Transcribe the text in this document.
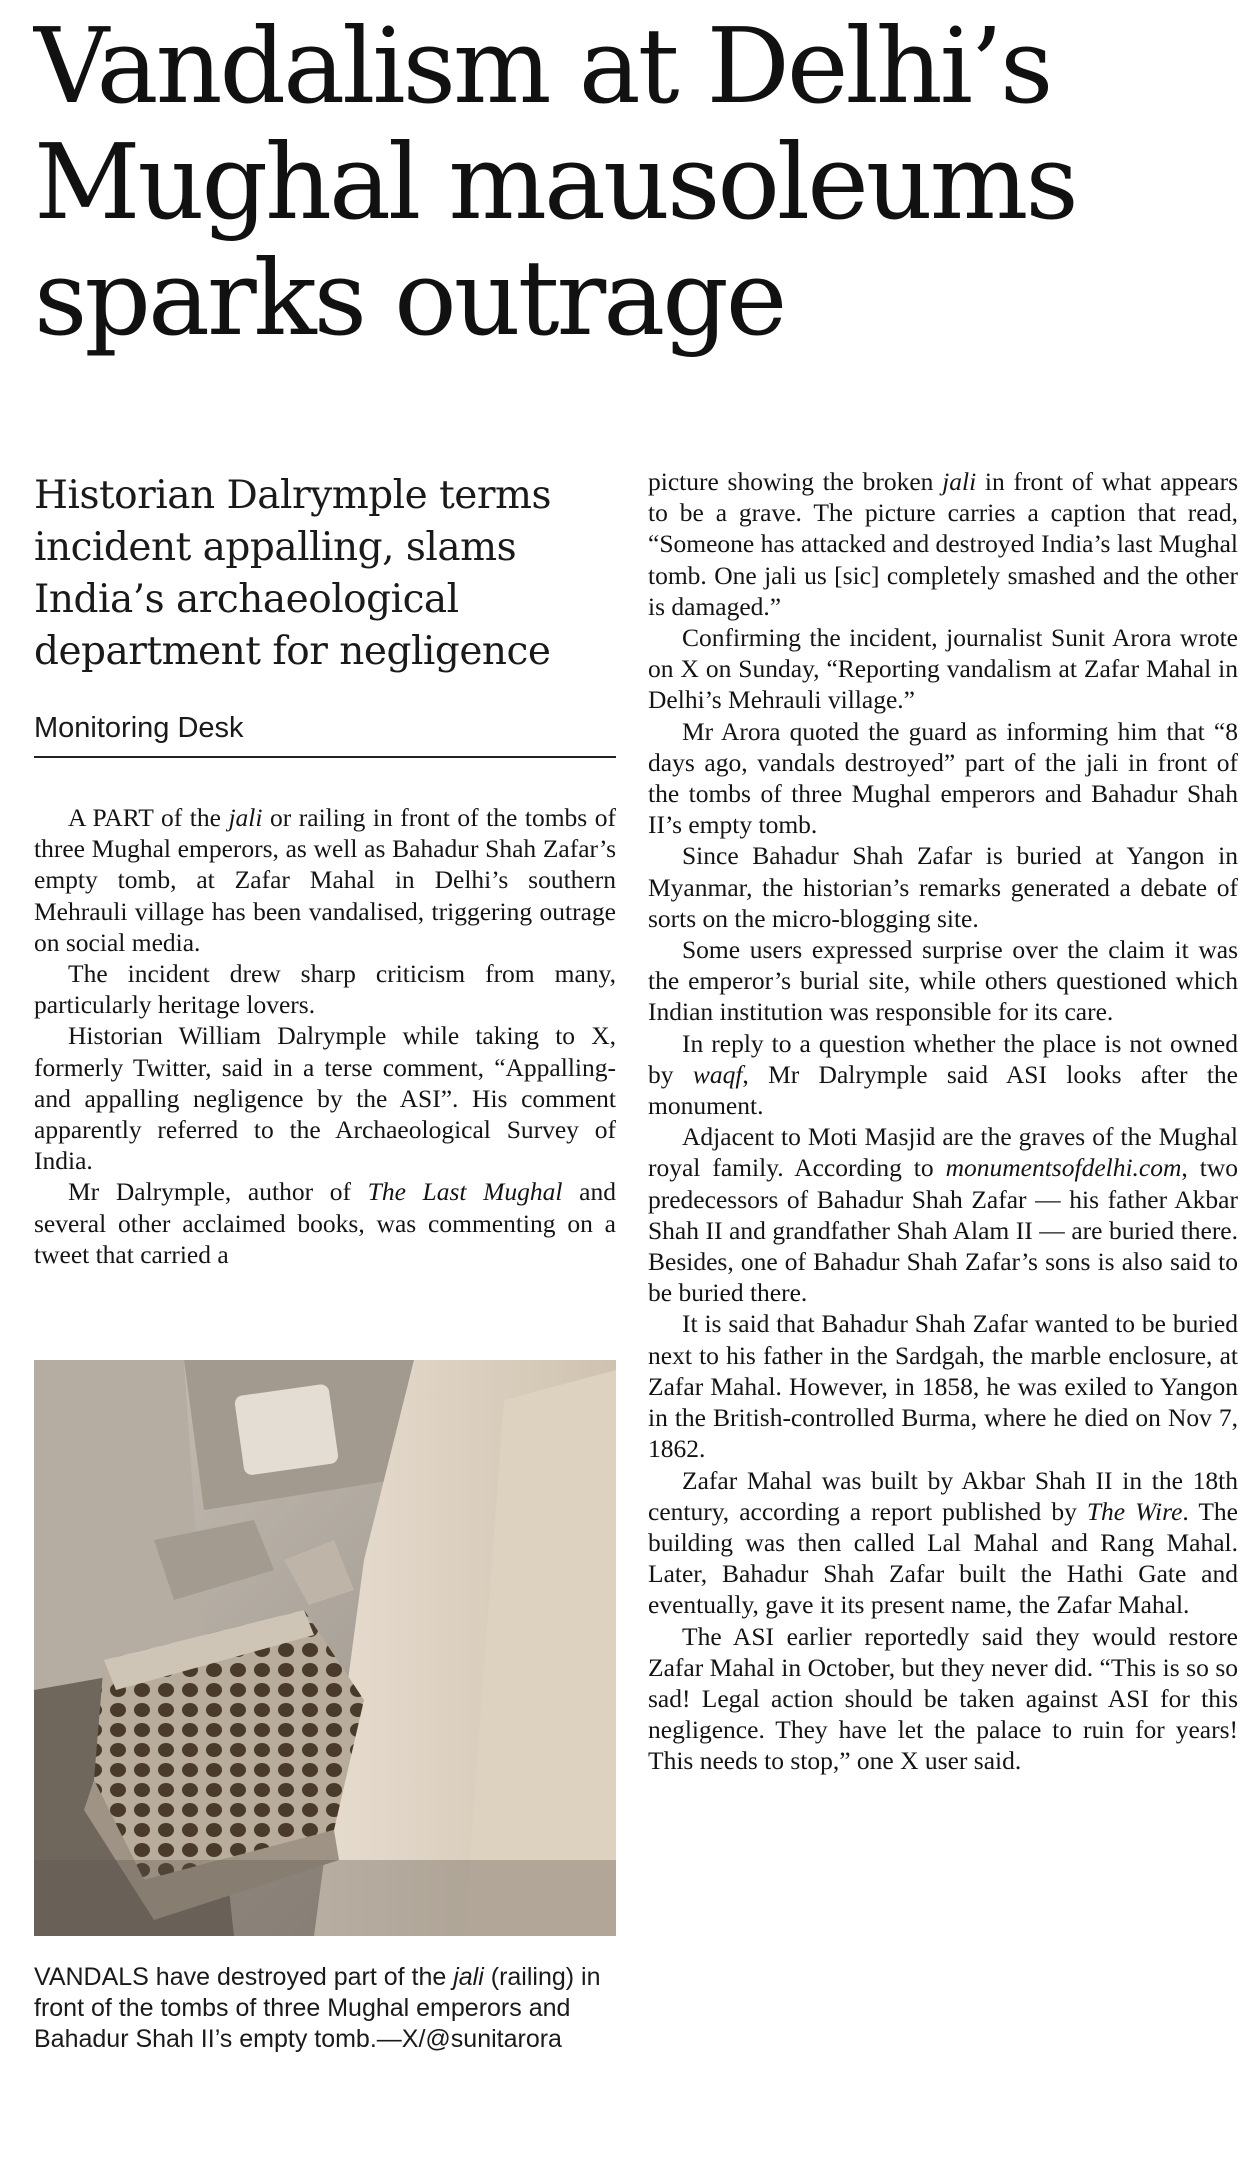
Vandalism at Delhi’s
Mughal mausoleums
sparks outrage
Historian Dalrymple terms
incident appalling, slams
India’s archaeological
department for negligence
Monitoring Desk

A PART of the jali or railing in front of the tombs of three Mughal emperors, as well as Bahadur Shah Zafar’s empty tomb, at Zafar Mahal in Delhi’s southern Mehrauli village has been vandalised, triggering outrage on social media.

The incident drew sharp criticism from many, particularly heritage lovers.

Historian William Dalrymple while taking to X, formerly Twitter, said in a terse comment, “Appalling- and appalling negligence by the ASI”. His comment apparently referred to the Archaeological Survey of India.

Mr Dalrymple, author of The Last Mughal and several other acclaimed books, was commenting on a tweet that carried a

VANDALS have destroyed part of the jali (railing) in front of the tombs of three Mughal emperors and Bahadur Shah II’s empty tomb.—X/@sunitarora

picture showing the broken jali in front of what appears to be a grave. The picture carries a caption that read, “Someone has attacked and destroyed India’s last Mughal tomb. One jali us [sic] completely smashed and the other is damaged.”

Confirming the incident, journalist Sunit Arora wrote on X on Sunday, “Reporting vandalism at Zafar Mahal in Delhi’s Mehrauli village.”

Mr Arora quoted the guard as informing him that “8 days ago, vandals destroyed” part of the jali in front of the tombs of three Mughal emperors and Bahadur Shah II’s empty tomb.

Since Bahadur Shah Zafar is buried at Yangon in Myanmar, the historian’s remarks generated a debate of sorts on the micro-blogging site.

Some users expressed surprise over the claim it was the emperor’s burial site, while others questioned which Indian institution was responsible for its care.

In reply to a question whether the place is not owned by waqf, Mr Dalrymple said ASI looks after the monument.

Adjacent to Moti Masjid are the graves of the Mughal royal family. According to monumentsofdelhi.com, two predecessors of Bahadur Shah Zafar — his father Akbar Shah II and grandfather Shah Alam II — are buried there. Besides, one of Bahadur Shah Zafar’s sons is also said to be buried there.

It is said that Bahadur Shah Zafar wanted to be buried next to his father in the Sardgah, the marble enclosure, at Zafar Mahal. However, in 1858, he was exiled to Yangon in the British-controlled Burma, where he died on Nov 7, 1862.

Zafar Mahal was built by Akbar Shah II in the 18th century, according a report published by The Wire. The building was then called Lal Mahal and Rang Mahal. Later, Bahadur Shah Zafar built the Hathi Gate and eventually, gave it its present name, the Zafar Mahal.

The ASI earlier reportedly said they would restore Zafar Mahal in October, but they never did. “This is so so sad! Legal action should be taken against ASI for this negligence. They have let the palace to ruin for years! This needs to stop,” one X user said.
